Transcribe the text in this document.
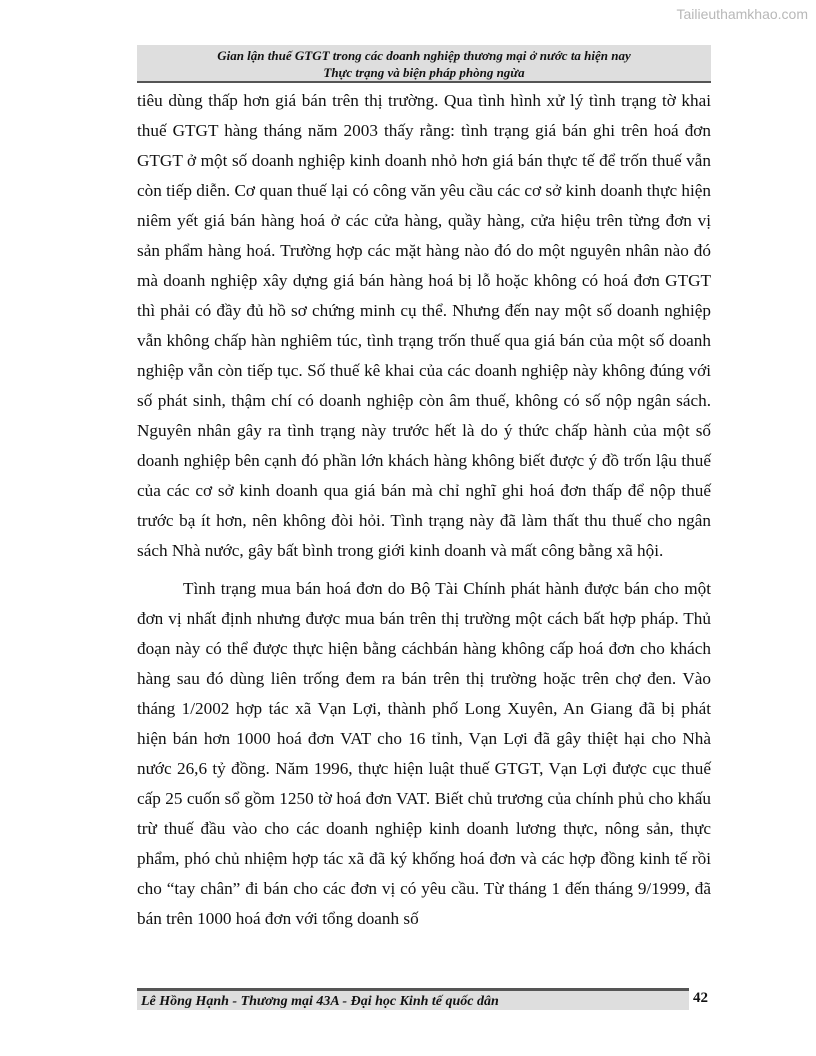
Tailieuthamkhao.com
Gian lận thuế GTGT trong các doanh nghiệp thương mại ở nước ta hiện nay
Thực trạng và biện pháp phòng ngừa

tiêu dùng thấp hơn giá bán trên thị trường. Qua tình hình xử lý tình trạng tờ khai thuế GTGT hàng tháng năm 2003 thấy rằng: tình trạng giá bán ghi trên hoá đơn GTGT ở một số doanh nghiệp kinh doanh nhỏ hơn giá bán thực tế để trốn thuế vẫn còn tiếp diễn. Cơ quan thuế lại có công văn yêu cầu các cơ sở kinh doanh thực hiện niêm yết giá bán hàng hoá ở các cửa hàng, quầy hàng, cửa hiệu trên từng đơn vị sản phẩm hàng hoá. Trường hợp các mặt hàng nào đó do một nguyên nhân nào đó mà doanh nghiệp xây dựng giá bán hàng hoá bị lỗ hoặc không có hoá đơn GTGT thì phải có đầy đủ hồ sơ chứng minh cụ thể. Nhưng đến nay một số doanh nghiệp vẫn không chấp hàn nghiêm túc, tình trạng trốn thuế qua giá bán của một số doanh nghiệp vẫn còn tiếp tục. Số thuế kê khai của các doanh nghiệp này không đúng với số phát sinh, thậm chí có doanh nghiệp còn âm thuế, không có số nộp ngân sách. Nguyên nhân gây ra tình trạng này trước hết là do ý thức chấp hành của một số doanh nghiệp bên cạnh đó phần lớn khách hàng không biết được ý đồ trốn lậu thuế của các cơ sở kinh doanh qua giá bán mà chỉ nghĩ ghi hoá đơn thấp để nộp thuế trước bạ ít hơn, nên không đòi hỏi. Tình trạng này đã làm thất thu thuế cho ngân sách Nhà nước, gây bất bình trong giới kinh doanh và mất công bằng xã hội.

Tình trạng mua bán hoá đơn do Bộ Tài Chính phát hành được bán cho một đơn vị nhất định nhưng được mua bán trên thị trường một cách bất hợp pháp. Thủ đoạn này có thể được thực hiện bằng cáchbán hàng không cấp hoá đơn cho khách hàng sau đó dùng liên trống đem ra bán trên thị trường hoặc trên chợ đen. Vào tháng 1/2002 hợp tác xã Vạn Lợi, thành phố Long Xuyên, An Giang đã bị phát hiện bán hơn 1000 hoá đơn VAT cho 16 tỉnh, Vạn Lợi đã gây thiệt hại cho Nhà nước 26,6 tỷ đồng. Năm 1996, thực hiện luật thuế GTGT, Vạn Lợi được cục thuế cấp 25 cuốn sổ gồm 1250 tờ hoá đơn VAT. Biết chủ trương của chính phủ cho khấu trừ thuế đầu vào cho các doanh nghiệp kinh doanh lương thực, nông sản, thực phẩm, phó chủ nhiệm hợp tác xã đã ký khống hoá đơn và các hợp đồng kinh tế rồi cho “tay chân” đi bán cho các đơn vị có yêu cầu. Từ tháng 1 đến tháng 9/1999, đã bán trên 1000 hoá đơn với tổng doanh số

Lê Hồng Hạnh - Thương mại 43A - Đại học Kinh tế quốc dân	42
